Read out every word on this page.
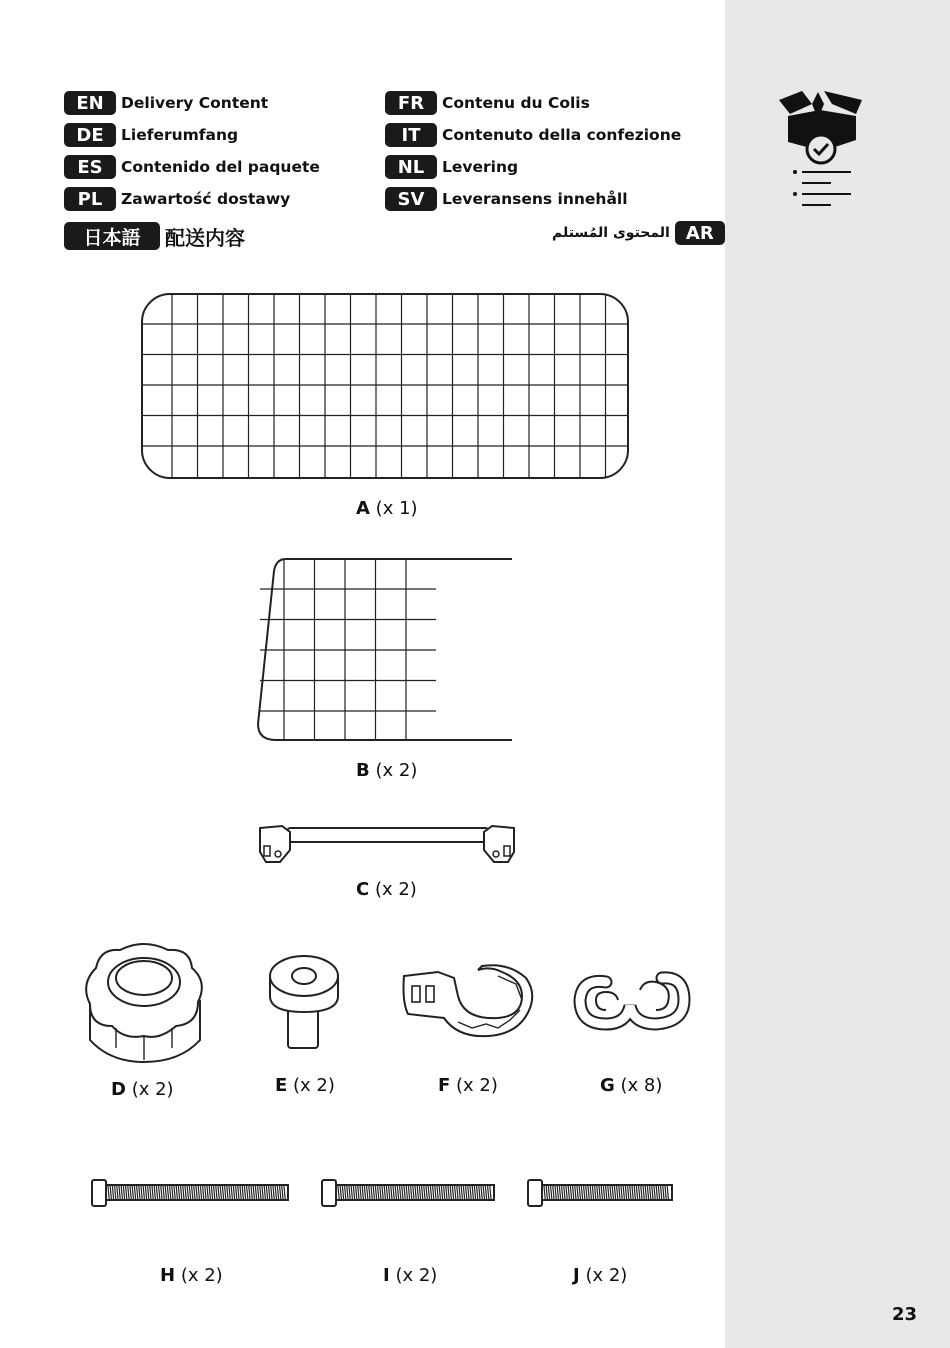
EN	Delivery Content
DE	Lieferumfang
ES	Contenido del paquete
PL	Zawartość dostawy
日本語	配送内容
FR	Contenu du Colis
IT	Contenuto della confezione
NL	Levering
SV	Leveransens innehåll
المحتوى المُستلم AR
A (x 1)
B (x 2)
C (x 2)
D (x 2)	E (x 2)	F (x 2)	G (x 8)
H (x 2)	I (x 2)	J (x 2)
23
